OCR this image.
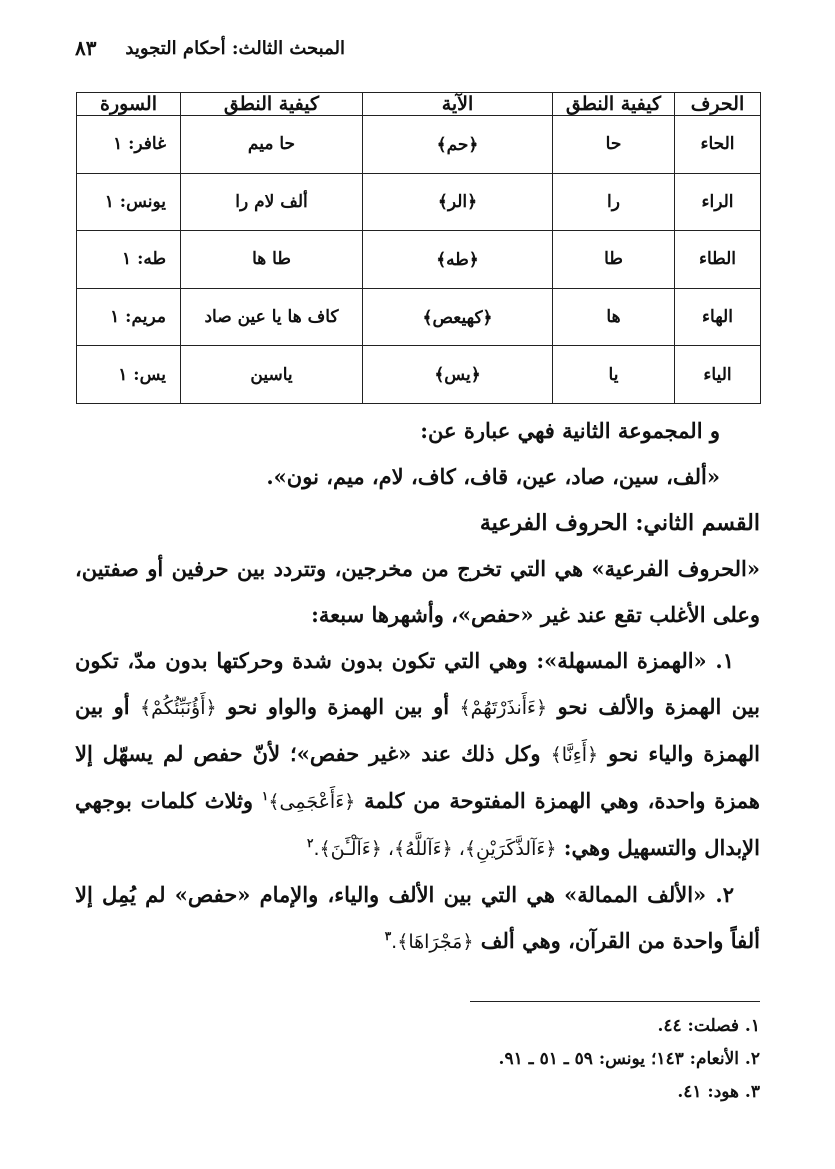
المبحث الثالث: أحكام التجويد
٨٣
الحرف	كيفية النطق	الآية	كيفية النطق	السورة
الحاء	حا	﴿حم﴾	حا ميم	غافر: ١
الراء	را	﴿الر﴾	ألف لام را	يونس: ١
الطاء	طا	﴿طه﴾	طا ها	طه: ١
الهاء	ها	﴿كهيعص﴾	كاف ها يا عين صاد	مريم: ١
الياء	يا	﴿يس﴾	ياسين	يس: ١

و المجموعة الثانية فهي عبارة عن:

«ألف، سين، صاد، عين، قاف، كاف، لام، ميم، نون».

القسم الثاني: الحروف الفرعية

«الحروف الفرعية» هي التي تخرج من مخرجين، وتتردد بين حرفين أو صفتين، وعلى الأغلب تقع عند غير «حفص»، وأشهرها سبعة:

١. «الهمزة المسهلة»: وهي التي تكون بدون شدة وحركتها بدون مدّ، تكون بين الهمزة والألف نحو ﴿ءَأَنذَرْتَهُمْ﴾ أو بين الهمزة والواو نحو ﴿أَؤُنَبِّئُكُمْ﴾ أو بين الهمزة والياء نحو ﴿أَءِنَّا﴾ وكل ذلك عند «غير حفص»؛ لأنّ حفص لم يسهّل إلا همزة واحدة، وهي الهمزة المفتوحة من كلمة ﴿ءَأَعْجَمِى﴾$^١$ وثلاث كلمات بوجهي الإبدال والتسهيل وهي: ﴿ءَآلذَّكَرَيْنِ﴾، ﴿ءَآللَّهُ﴾، ﴿ءَآلْـَٔنَ﴾.$^٢$

٢. «الألف الممالة» هي التي بين الألف والياء، والإمام «حفص» لم يُمِل إلا ألفاً واحدة من القرآن، وهي ألف ﴿مَجْرَاهَا﴾.$^٣$

١. فصلت: ٤٤.

٢. الأنعام: ١٤٣؛ يونس: ٥٩ ـ ٥١ ـ ٩١.

٣. هود: ٤١.
